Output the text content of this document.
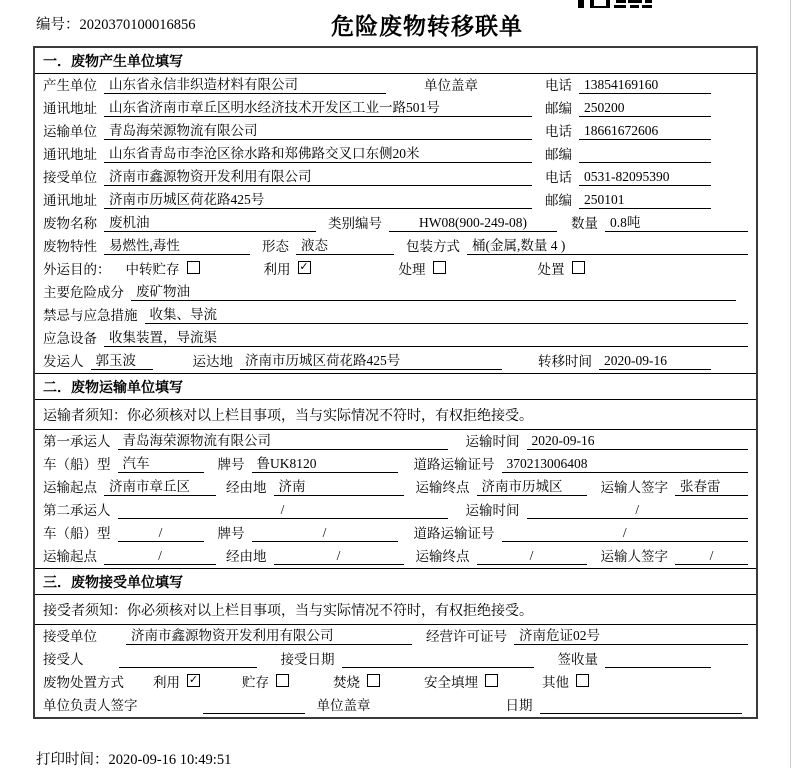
编号：2020370100016856	危险废物转移联单
一．废物产生单位填写
产生单位 山东省永信非织造材料有限公司	单位盖章	电话 13854169160
通讯地址 山东省济南市章丘区明水经济技术开发区工业一路501号	邮编 250200
运输单位 青岛海荣源物流有限公司	电话 18661672606
通讯地址 山东省青岛市李沧区徐水路和郑佛路交叉口东侧20米	邮编
接受单位 济南市鑫源物资开发利用有限公司	电话 0531-82095390
通讯地址 济南市历城区荷花路425号	邮编 250101
废物名称 废机油	类别编号	HW08(900-249-08)	数量 0.8吨
废物特性 易燃性,毒性	形态 液态	包装方式 桶(金属,数量 4 )
外运目的： 中转贮存	利用 ✓	处理	处置
主要危险成分 废矿物油
禁忌与应急措施 收集、导流
应急设备 收集装置，导流渠
发运人 郭玉波	运达地 济南市历城区荷花路425号	转移时间 2020-09-16
二．废物运输单位填写
运输者须知：你必须核对以上栏目事项，当与实际情况不符时，有权拒绝接受。
第一承运人 青岛海荣源物流有限公司	运输时间 2020-09-16
车（船）型 汽车	牌号 鲁UK8120	道路运输证号 370213006408
运输起点 济南市章丘区	经由地 济南	运输终点 济南市历城区	运输人签字 张春雷
第二承运人	/	运输时间	/
车（船）型	/	牌号	/	道路运输证号	/
运输起点	/	经由地	/	运输终点	/	运输人签字	/
三．废物接受单位填写
接受者须知：你必须核对以上栏目事项，当与实际情况不符时，有权拒绝接受。
接受单位	济南市鑫源物资开发利用有限公司	经营许可证号 济南危证02号
接受人	接受日期	签收量
废物处置方式 利用 ✓	贮存	焚烧	安全填埋	其他
单位负责人签字	单位盖章	日期
打印时间：2020-09-16 10:49:51
